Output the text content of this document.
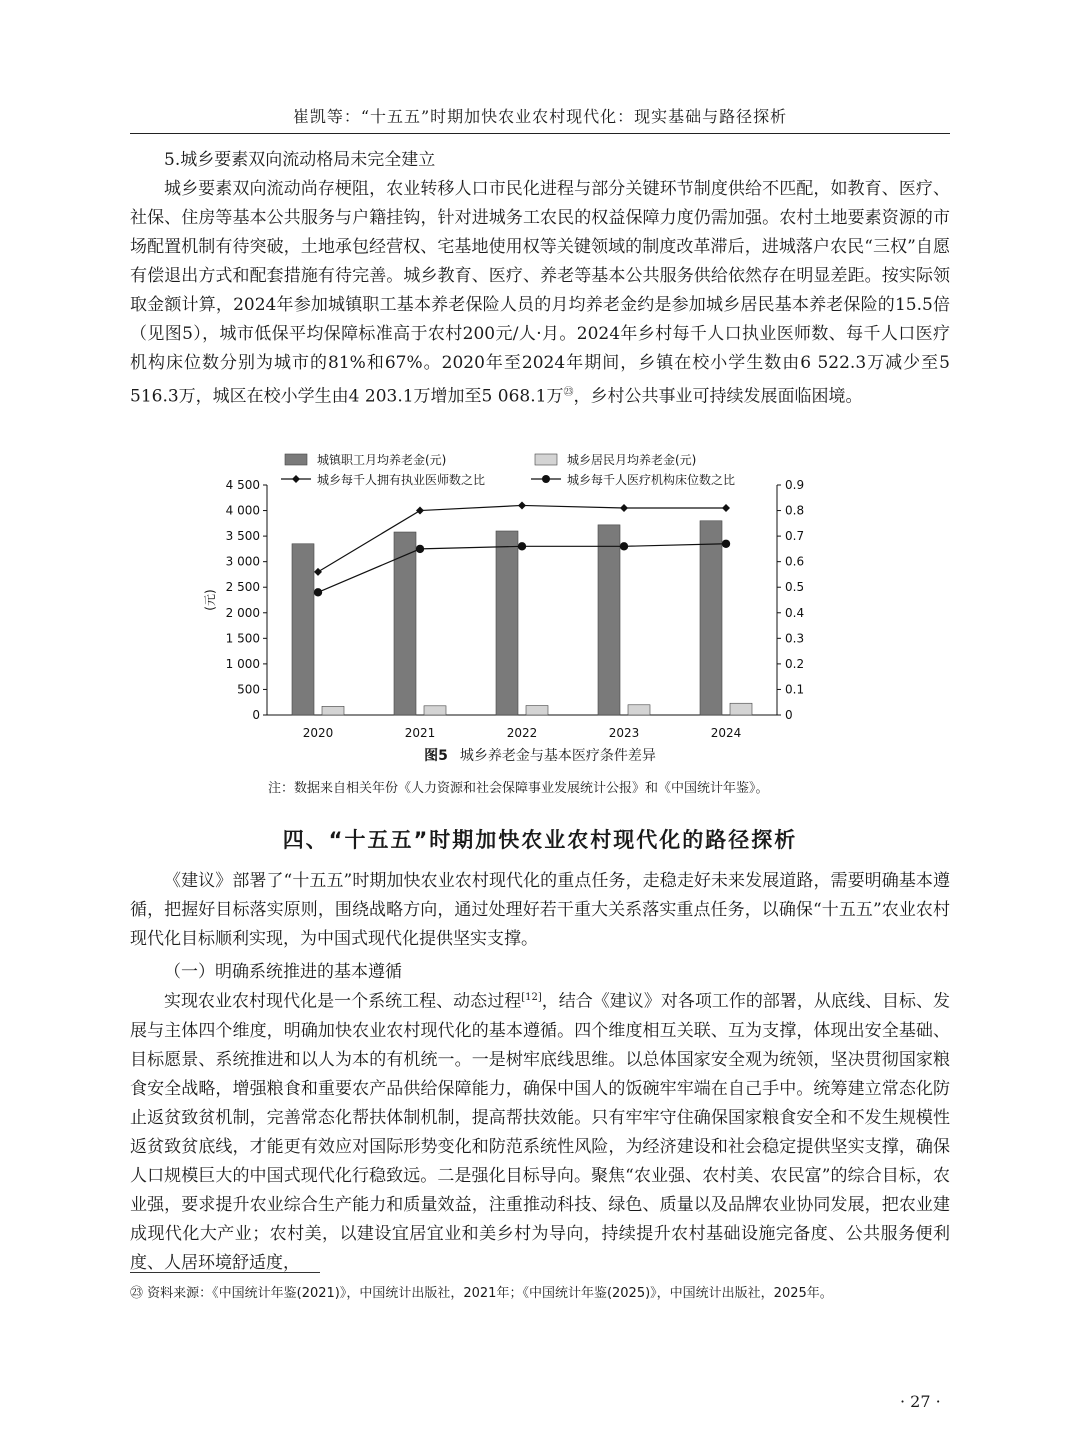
崔凯等：“十五五”时期加快农业农村现代化：现实基础与路径探析

5.城乡要素双向流动格局未完全建立

城乡要素双向流动尚存梗阻，农业转移人口市民化进程与部分关键环节制度供给不匹配，如教育、医疗、社保、住房等基本公共服务与户籍挂钩，针对进城务工农民的权益保障力度仍需加强。农村土地要素资源的市场配置机制有待突破，土地承包经营权、宅基地使用权等关键领域的制度改革滞后，进城落户农民“三权”自愿有偿退出方式和配套措施有待完善。城乡教育、医疗、养老等基本公共服务供给依然存在明显差距。按实际领取金额计算，2024年参加城镇职工基本养老保险人员的月均养老金约是参加城乡居民基本养老保险的15.5倍（见图5），城市低保平均保障标准高于农村200元/人·月。2024年乡村每千人口执业医师数、每千人口医疗机构床位数分别为城市的81%和67%。2020年至2024年期间，乡镇在校小学生数由6 522.3万减少至5 516.3万，城区在校小学生由4 203.1万增加至5 068.1万$^㉓$，乡村公共事业可持续发展面临困境。

城镇职工月均养老金(元)	城乡居民月均养老金(元)
城乡每千人拥有执业医师数之比	城乡每千人医疗机构床位数之比
0
500
1 000
1 500
2 000
2 500
3 000
3 500
4 000
4 500
0
0.1
0.2
0.3
0.4
0.5
0.6
0.7
0.8
0.9
(元)
2020	2021	2022	2023	2024
图5 城乡养老金与基本医疗条件差异
注：数据来自相关年份《人力资源和社会保障事业发展统计公报》和《中国统计年鉴》。
四、“十五五”时期加快农业农村现代化的路径探析

《建议》部署了“十五五”时期加快农业农村现代化的重点任务，走稳走好未来发展道路，需要明确基本遵循，把握好目标落实原则，围绕战略方向，通过处理好若干重大关系落实重点任务，以确保“十五五”农业农村现代化目标顺利实现，为中国式现代化提供坚实支撑。

（一）明确系统推进的基本遵循

实现农业农村现代化是一个系统工程、动态过程[12]，结合《建议》对各项工作的部署，从底线、目标、发展与主体四个维度，明确加快农业农村现代化的基本遵循。四个维度相互关联、互为支撑，体现出安全基础、目标愿景、系统推进和以人为本的有机统一。一是树牢底线思维。以总体国家安全观为统领，坚决贯彻国家粮食安全战略，增强粮食和重要农产品供给保障能力，确保中国人的饭碗牢牢端在自己手中。统筹建立常态化防止返贫致贫机制，完善常态化帮扶体制机制，提高帮扶效能。只有牢牢守住确保国家粮食安全和不发生规模性返贫致贫底线，才能更有效应对国际形势变化和防范系统性风险，为经济建设和社会稳定提供坚实支撑，确保人口规模巨大的中国式现代化行稳致远。二是强化目标导向。聚焦“农业强、农村美、农民富”的综合目标，农业强，要求提升农业综合生产能力和质量效益，注重推动科技、绿色、质量以及品牌农业协同发展，把农业建成现代化大产业；农村美，以建设宜居宜业和美乡村为导向，持续提升农村基础设施完备度、公共服务便利度、人居环境舒适度，

㉓ 资料来源：《中国统计年鉴(2021)》，中国统计出版社，2021年；《中国统计年鉴(2025)》，中国统计出版社，2025年。
· 27 ·
